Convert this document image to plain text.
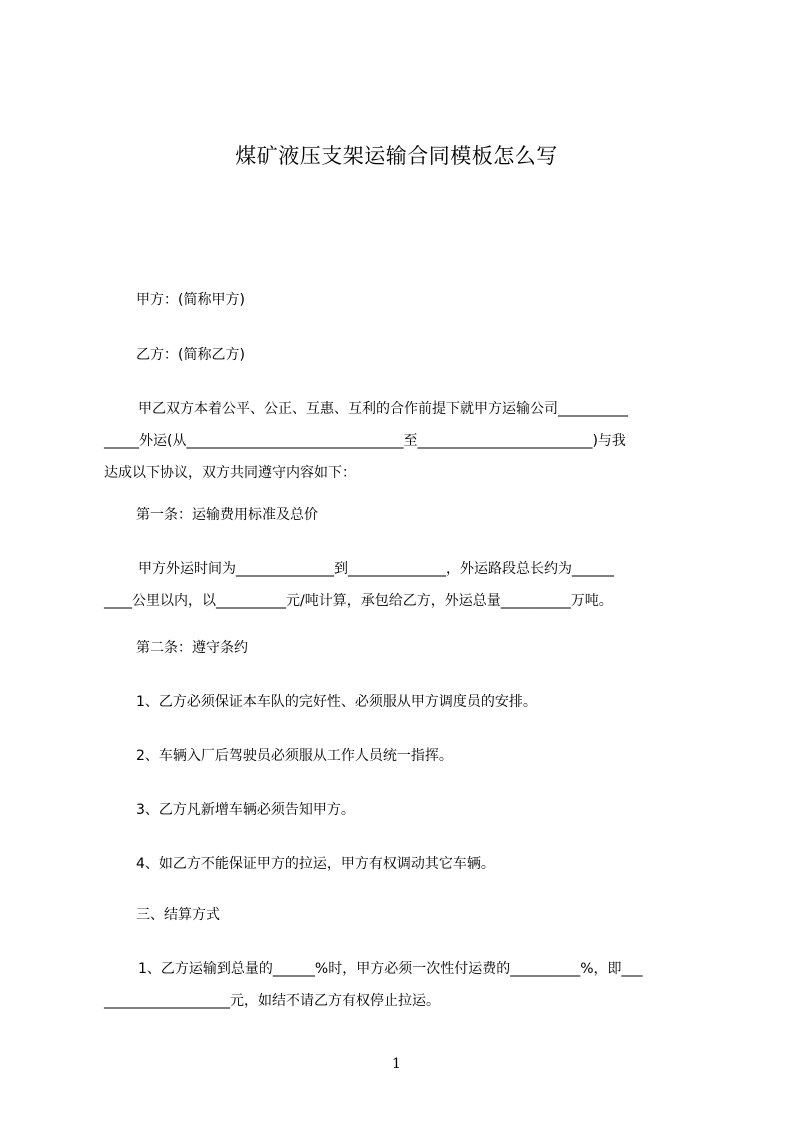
煤矿液压支架运输合同模板怎么写
甲方：(简称甲方)
乙方：(简称乙方)
甲乙双方本着公平、公正、互惠、互利的合作前提下就甲方运输公司__________
_____外运(从_______________________________至_________________________)与我
达成以下协议，双方共同遵守内容如下：
第一条：运输费用标准及总价
甲方外运时间为______________到______________，外运路段总长约为______
____公里以内，以__________元/吨计算，承包给乙方，外运总量__________万吨。
第二条：遵守条约
1、乙方必须保证本车队的完好性、必须服从甲方调度员的安排。
2、车辆入厂后驾驶员必须服从工作人员统一指挥。
3、乙方凡新增车辆必须告知甲方。
4、如乙方不能保证甲方的拉运，甲方有权调动其它车辆。
三、结算方式
1、乙方运输到总量的______%时，甲方必须一次性付运费的__________%，即___
__________________元，如结不请乙方有权停止拉运。
1
